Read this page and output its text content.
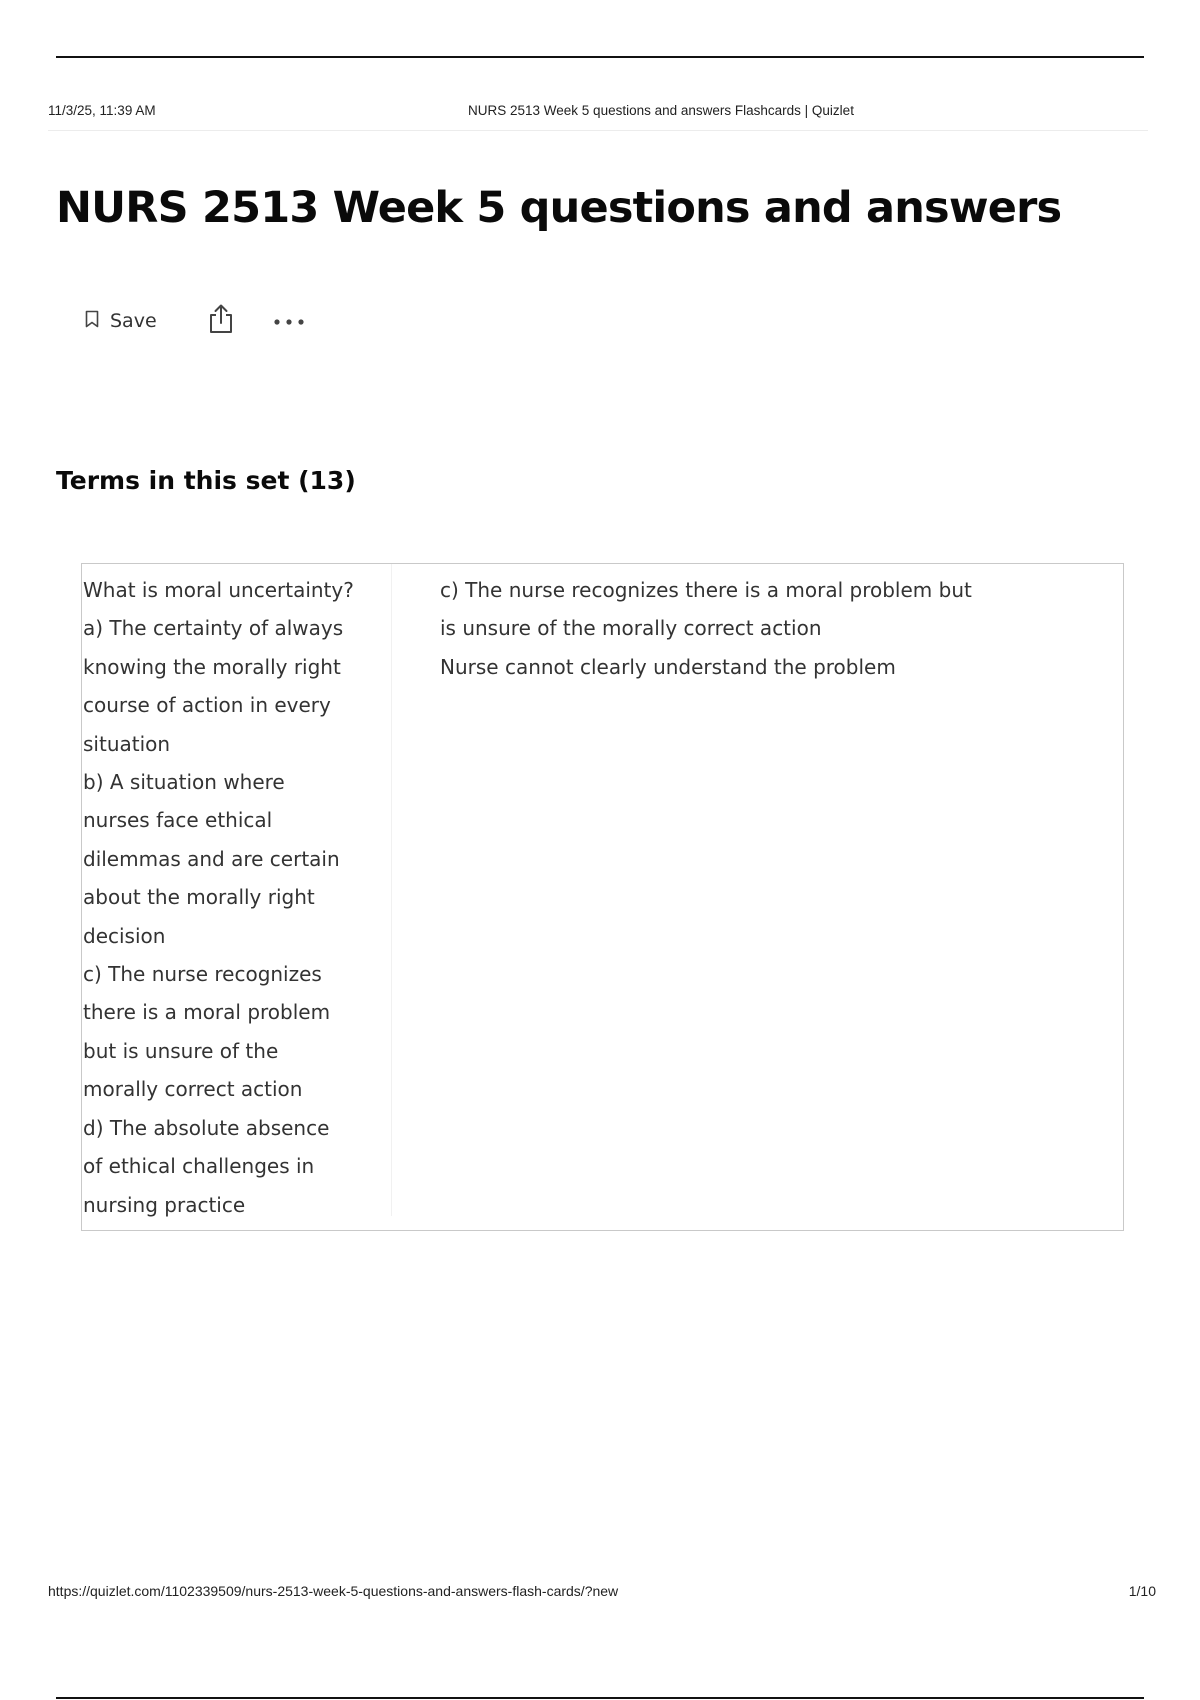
11/3/25, 11:39 AM	NURS 2513 Week 5 questions and answers Flashcards | Quizlet
NURS 2513 Week 5 questions and answers
Save
Terms in this set (13)
What is moral uncertainty?
a) The certainty of always
knowing the morally right
course of action in every
situation
b) A situation where
nurses face ethical
dilemmas and are certain
about the morally right
decision
c) The nurse recognizes
there is a moral problem
but is unsure of the
morally correct action
d) The absolute absence
of ethical challenges in
nursing practice
c) The nurse recognizes there is a moral problem but
is unsure of the morally correct action
Nurse cannot clearly understand the problem
https://quizlet.com/1102339509/nurs-2513-week-5-questions-and-answers-flash-cards/?new	1/10
